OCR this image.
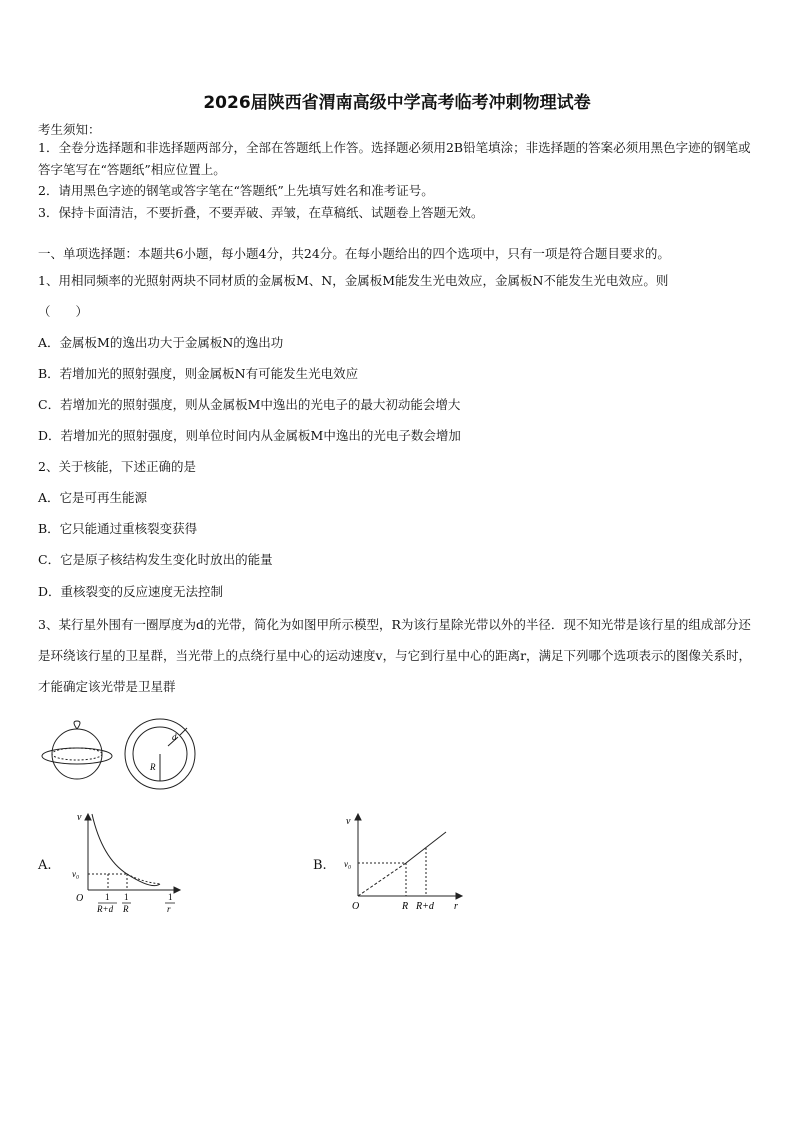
2026届陕西省渭南高级中学高考临考冲刺物理试卷
考生须知：
1．全卷分选择题和非选择题两部分，全部在答题纸上作答。选择题必须用2B铅笔填涂；非选择题的答案必须用黑色字迹的钢笔或答字笔写在“答题纸”相应位置上。
2．请用黑色字迹的钢笔或答字笔在“答题纸”上先填写姓名和准考证号。
3．保持卡面清洁，不要折叠，不要弄破、弄皱，在草稿纸、试题卷上答题无效。
一、单项选择题：本题共6小题，每小题4分，共24分。在每小题给出的四个选项中，只有一项是符合题目要求的。
1、用相同频率的光照射两块不同材质的金属板M、N，金属板M能发生光电效应，金属板N不能发生光电效应。则
（　　）
A．金属板M的逸出功大于金属板N的逸出功
B．若增加光的照射强度，则金属板N有可能发生光电效应
C．若增加光的照射强度，则从金属板M中逸出的光电子的最大初动能会增大
D．若增加光的照射强度，则单位时间内从金属板M中逸出的光电子数会增加
2、关于核能，下述正确的是
A．它是可再生能源
B．它只能通过重核裂变获得
C．它是原子核结构发生变化时放出的能量
D．重核裂变的反应速度无法控制
3、某行星外围有一圈厚度为d的光带，简化为如图甲所示模型，R为该行星除光带以外的半径．现不知光带是该行星的组成部分还是环绕该行星的卫星群，当光带上的点绕行星中心的运动速度v，与它到行星中心的距离r，满足下列哪个选项表示的图像关系时，才能确定该光带是卫星群
d
R
A.
v
v₀
O 1
R+d
1
R
1
r
B.
v
v₀
O	R R+d r
